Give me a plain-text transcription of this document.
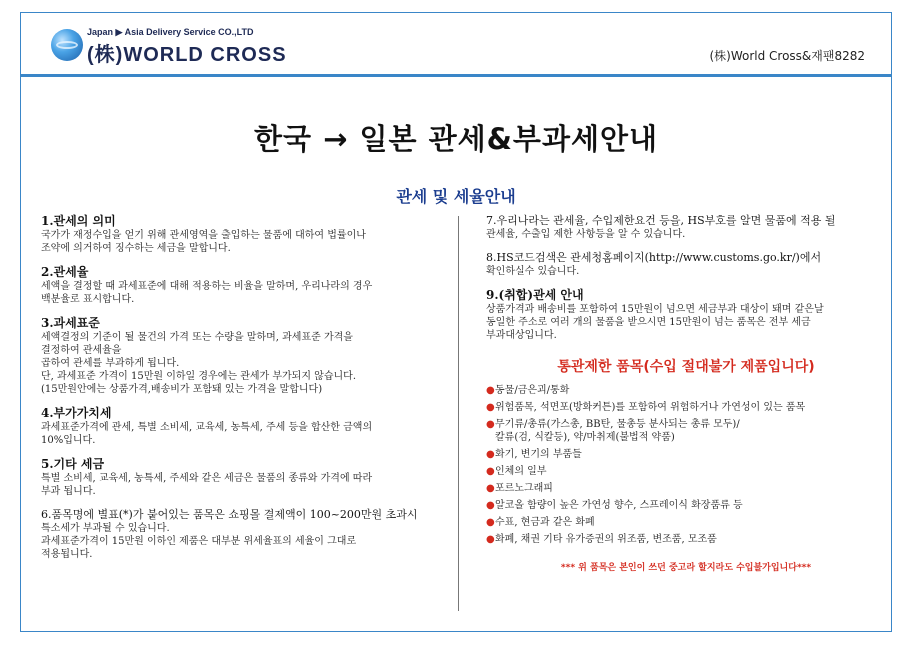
Japan ▶ Asia Delivery Service CO.,LTD
(株)WORLD CROSS	(株)World Cross&재팬8282
한국 → 일본 관세&부과세안내
관세 및 세율안내
1.관세의 의미
국가가 재정수입을 얻기 위해 관세영역을 출입하는 물품에 대하여 법률이나
조약에 의거하여 징수하는 세금을 말합니다.
2.관세율
세액을 결정할 때 과세표준에 대해 적용하는 비율을 말하며, 우리나라의 경우
백분율로 표시합니다.
3.과세표준
세액결정의 기준이 될 물건의 가격 또는 수량을 말하며, 과세표준 가격을
결정하여 관세율을
곱하여 관세를 부과하게 됩니다.
단, 과세표준 가격이 15만원 이하일 경우에는 관세가 부가되지 않습니다.
(15만원안에는 상품가격,배송비가 포함돼 있는 가격을 말합니다)
4.부가가치세
과세표준가격에 관세, 특별 소비세, 교육세, 농특세, 주세 등을 합산한 금액의
10%입니다.
5.기타 세금
특별 소비세, 교육세, 농특세, 주세와 같은 세금은 물품의 종류와 가격에 따라
부과 됩니다.
6.품목명에 별표(*)가 붙어있는 품목은 쇼핑몰 결제액이 100~200만원 초과시
특소세가 부과될 수 있습니다.
과세표준가격이 15만원 이하인 제품은 대부분 위세율표의 세율이 그대로
적용됩니다.
7.우리나라는 관세율, 수입제한요건 등을, HS부호를 알면 물품에 적용 될
관세율, 수출입 제한 사항등을 알 수 있습니다.
8.HS코드검색은 관세청홈페이지(http://www.customs.go.kr/)에서
확인하실수 있습니다.
9.(취합)관세 안내
상품가격과 배송비를 포함하여 15만원이 넘으면 세금부과 대상이 돼며 같은날
동일한 주소로 여러 개의 물품을 받으시면 15만원이 넘는 품목은 전부 세금
부과대상입니다.
통관제한 품목(수입 절대불가 제품입니다)
● 동물/금은괴/통화
● 위험품목, 석면포(방화커튼)를 포함하여 위험하거나 가연성이 있는 품목
● 무기류/총류(가스총, BB탄, 물총등 분사되는 총류 모두)/
칼류(검, 식칼등), 약/마취제(불법적 약품)
● 화기, 변기의 부품들
● 인체의 일부
● 포르노그래피
● 알코올 함량이 높은 가연성 향수, 스프레이식 화장품류 등
● 수표, 현금과 같은 화폐
● 화폐, 채권 기타 유가증권의 위조품, 변조품, 모조품
*** 위 품목은 본인이 쓰던 중고라 할지라도 수입불가입니다***
